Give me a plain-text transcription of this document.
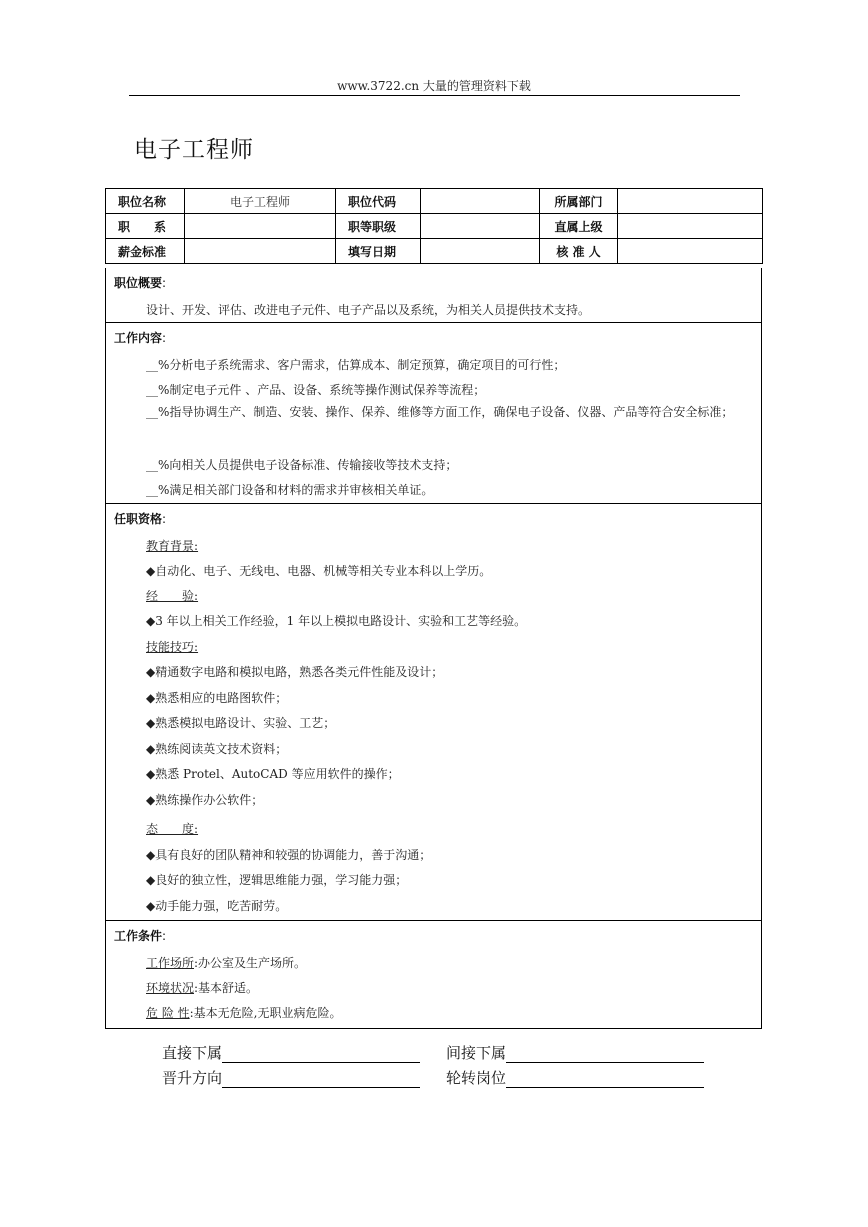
www.3722.cn 大量的管理资料下载
电子工程师
职位名称	电子工程师	职位代码		所属部门	
职　　系		职等职级		直属上级	
薪金标准		填写日期		核 准 人	
职位概要:
设计、开发、评估、改进电子元件、电子产品以及系统，为相关人员提供技术支持。
工作内容:
__%分析电子系统需求、客户需求，估算成本、制定预算，确定项目的可行性；
__%制定电子元件 、产品、设备、系统等操作测试保养等流程；
__%指导协调生产、制造、安装、操作、保养、维修等方面工作，确保电子设备、仪器、产品等符合安全标准；
__%向相关人员提供电子设备标准、传输接收等技术支持；
__%满足相关部门设备和材料的需求并审核相关单证。
任职资格:
教育背景:
◆自动化、电子、无线电、电器、机械等相关专业本科以上学历。
经　　验:
◆3 年以上相关工作经验，1 年以上模拟电路设计、实验和工艺等经验。
技能技巧:
◆精通数字电路和模拟电路，熟悉各类元件性能及设计；
◆熟悉相应的电路图软件；
◆熟悉模拟电路设计、实验、工艺；
◆熟练阅读英文技术资料；
◆熟悉 Protel、AutoCAD 等应用软件的操作；
◆熟练操作办公软件；
态　　度:
◆具有良好的团队精神和较强的协调能力，善于沟通；
◆良好的独立性，逻辑思维能力强，学习能力强；
◆动手能力强，吃苦耐劳。
工作条件:
工作场所:办公室及生产场所。
环境状况:基本舒适。
危 险 性:基本无危险,无职业病危险。
直接下属	间接下属
晋升方向	轮转岗位
